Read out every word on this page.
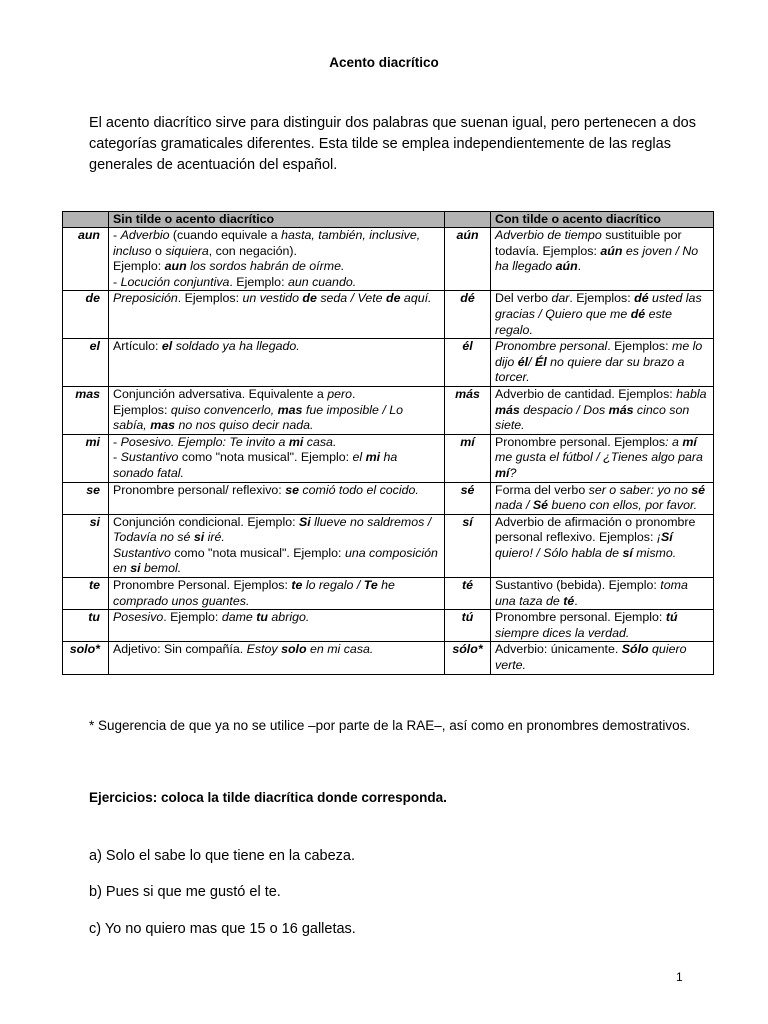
Acento diacrítico
El acento diacrítico sirve para distinguir dos palabras que suenan igual, pero pertenecen a dos categorías gramaticales diferentes. Esta tilde se emplea independientemente de las reglas generales de acentuación del español.
	Sin tilde o acento diacrítico		Con tilde o acento diacrítico
aun	- Adverbio (cuando equivale a hasta, también, inclusive, incluso o siquiera, con negación).
Ejemplo: aun los sordos habrán de oírme.
- Locución conjuntiva. Ejemplo: aun cuando.	aún	Adverbio de tiempo sustituible por todavía. Ejemplos: aún es joven / No ha llegado aún.

de	Preposición. Ejemplos: un vestido de seda / Vete de aquí.	dé	Del verbo dar. Ejemplos: dé usted las gracias / Quiero que me dé este regalo.

el	Artículo: el soldado ya ha llegado.	él	Pronombre personal. Ejemplos: me lo dijo él/ Él no quiere dar su brazo a torcer.

mas	Conjunción adversativa. Equivalente a pero.
Ejemplos: quiso convencerlo, mas fue imposible / Lo sabía, mas no nos quiso decir nada.	más	Adverbio de cantidad. Ejemplos: habla más despacio / Dos más cinco son siete.

mi	- Posesivo. Ejemplo: Te invito a mi casa.
- Sustantivo como "nota musical". Ejemplo: el mi ha sonado fatal.	mí	Pronombre personal. Ejemplos: a mí me gusta el fútbol / ¿Tienes algo para mí?

se	Pronombre personal/ reflexivo: se comió todo el cocido.	sé	Forma del verbo ser o saber: yo no sé nada / Sé bueno con ellos, por favor.

si	Conjunción condicional. Ejemplo: Si llueve no saldremos / Todavía no sé si iré.
Sustantivo como "nota musical". Ejemplo: una composición en si bemol.	sí	Adverbio de afirmación o pronombre personal reflexivo. Ejemplos: ¡Sí quiero! / Sólo habla de sí mismo.

te	Pronombre Personal. Ejemplos: te lo regalo / Te he comprado unos guantes.	té	Sustantivo (bebida). Ejemplo: toma una taza de té.

tu	Posesivo. Ejemplo: dame tu abrigo.	tú	Pronombre personal. Ejemplo: tú siempre dices la verdad.

solo*	Adjetivo: Sin compañía. Estoy solo en mi casa.	sólo*	Adverbio: únicamente. Sólo quiero verte.
* Sugerencia de que ya no se utilice –por parte de la RAE–, así como en pronombres demostrativos.
Ejercicios: coloca la tilde diacrítica donde corresponda.
a) Solo el sabe lo que tiene en la cabeza.
b) Pues si que me gustó el te.
c) Yo no quiero mas que 15 o 16 galletas.
1
